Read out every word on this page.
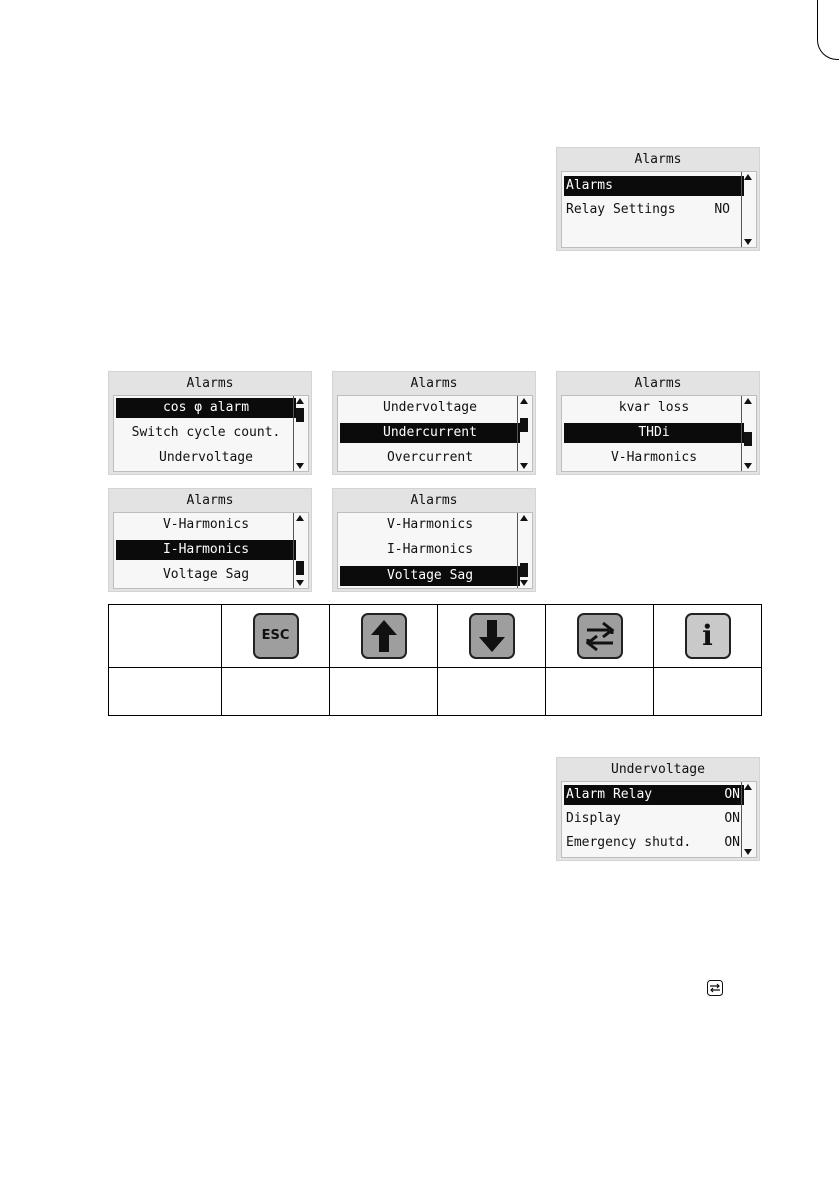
Alarms
Alarms
Relay Settings	NO
Alarms
cos φ alarm
Switch cycle count.
Undervoltage
Alarms
Undervoltage
Undercurrent
Overcurrent
Alarms
kvar loss
THDi
V-Harmonics
Alarms
V-Harmonics
I-Harmonics
Voltage Sag
Alarms
V-Harmonics
I-Harmonics
Voltage Sag

	ESC				i

Undervoltage
Alarm Relay	ON
Display	ON
Emergency shutd.	ON
